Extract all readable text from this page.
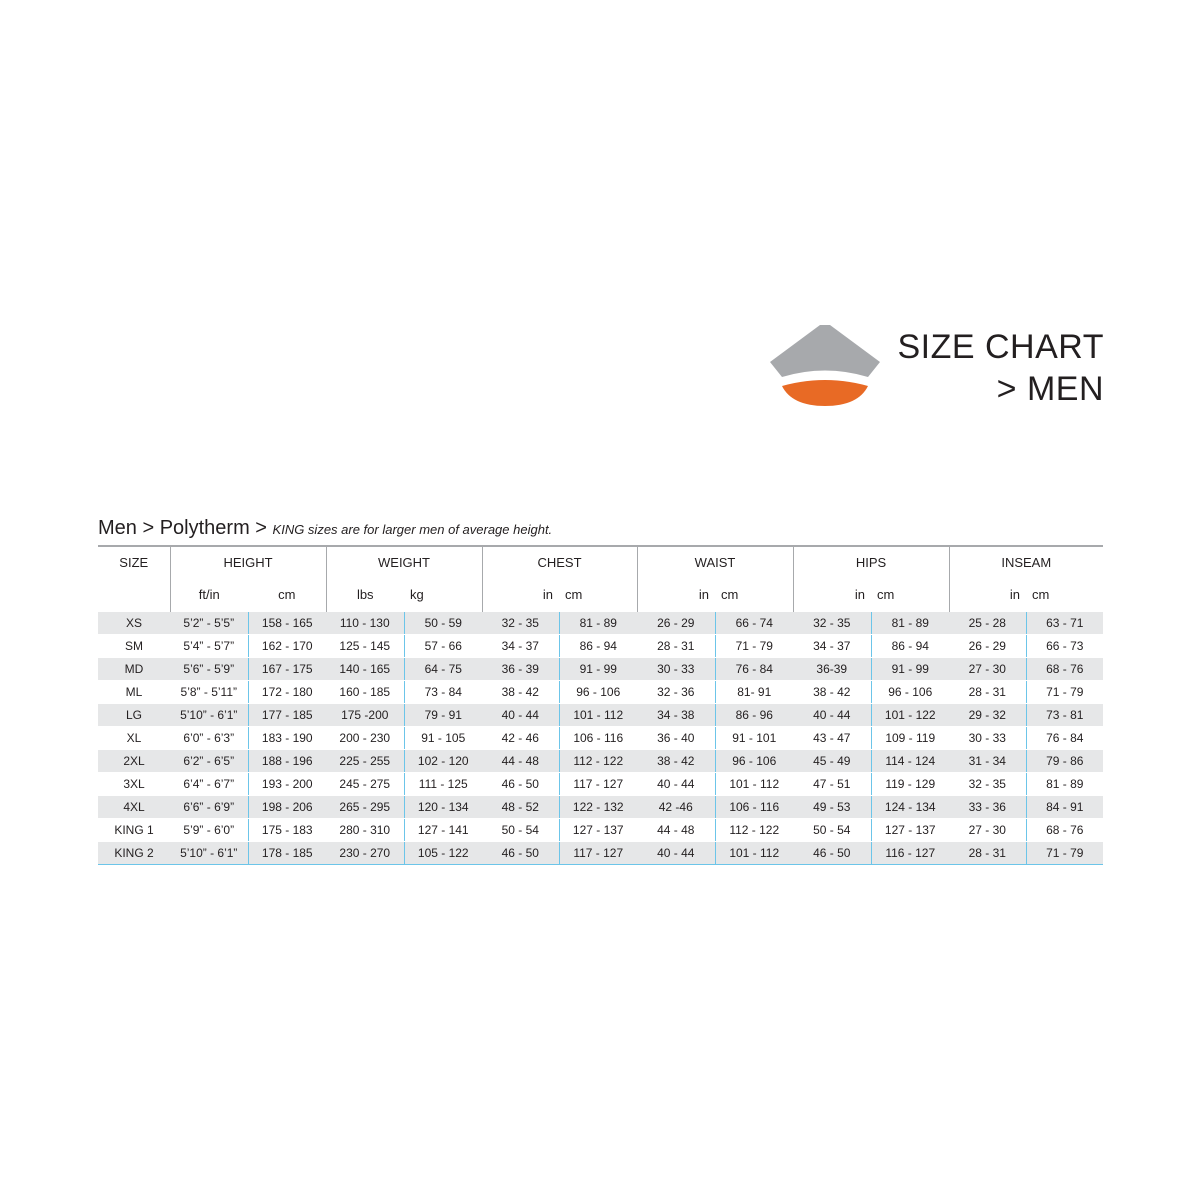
SIZE CHART
> MEN
Men > Polytherm > KING sizes are for larger men of average height.
SIZE	HEIGHT		WEIGHT		CHEST		WAIST		HIPS		INSEAM	
	ft/in	cm	lbs	kg	in	cm	in	cm	in	cm	in	cm
XS	5’2” - 5’5”	158 - 165	110 - 130	50 - 59	32 - 35	81 - 89	26 - 29	66 - 74	32 - 35	81 - 89	25 - 28	63 - 71
SM	5’4” - 5’7”	162 - 170	125 - 145	57 - 66	34 - 37	86 - 94	28 - 31	71 - 79	34 - 37	86 - 94	26 - 29	66 - 73
MD	5’6” - 5’9”	167 - 175	140 - 165	64 - 75	36 - 39	91 - 99	30 - 33	76 - 84	36-39	91 - 99	27 - 30	68 - 76
ML	5’8” - 5’11”	172 - 180	160 - 185	73 - 84	38 - 42	96 - 106	32 - 36	81- 91	38 - 42	96 - 106	28 - 31	71 - 79
LG	5’10” - 6’1”	177 - 185	175 -200	79 - 91	40 - 44	101 - 112	34 - 38	86 - 96	40 - 44	101 - 122	29 - 32	73 - 81
XL	6’0” - 6’3”	183 - 190	200 - 230	91 - 105	42 - 46	106 - 116	36 - 40	91 - 101	43 - 47	109 - 119	30 - 33	76 - 84
2XL	6’2” - 6’5”	188 - 196	225 - 255	102 - 120	44 - 48	112 - 122	38 - 42	96 - 106	45 - 49	114 - 124	31 - 34	79 - 86
3XL	6’4” - 6’7”	193 - 200	245 - 275	111 - 125	46 - 50	117 - 127	40 - 44	101 - 112	47 - 51	119 - 129	32 - 35	81 - 89
4XL	6’6” - 6’9”	198 - 206	265 - 295	120 - 134	48 - 52	122 - 132	42 -46	106 - 116	49 - 53	124 - 134	33 - 36	84 - 91
KING 1	5’9” - 6’0”	175 - 183	280 - 310	127 - 141	50 - 54	127 - 137	44 - 48	112 - 122	50 - 54	127 - 137	27 - 30	68 - 76
KING 2	5’10” - 6’1”	178 - 185	230 - 270	105 - 122	46 - 50	117 - 127	40 - 44	101 - 112	46 - 50	116 - 127	28 - 31	71 - 79
